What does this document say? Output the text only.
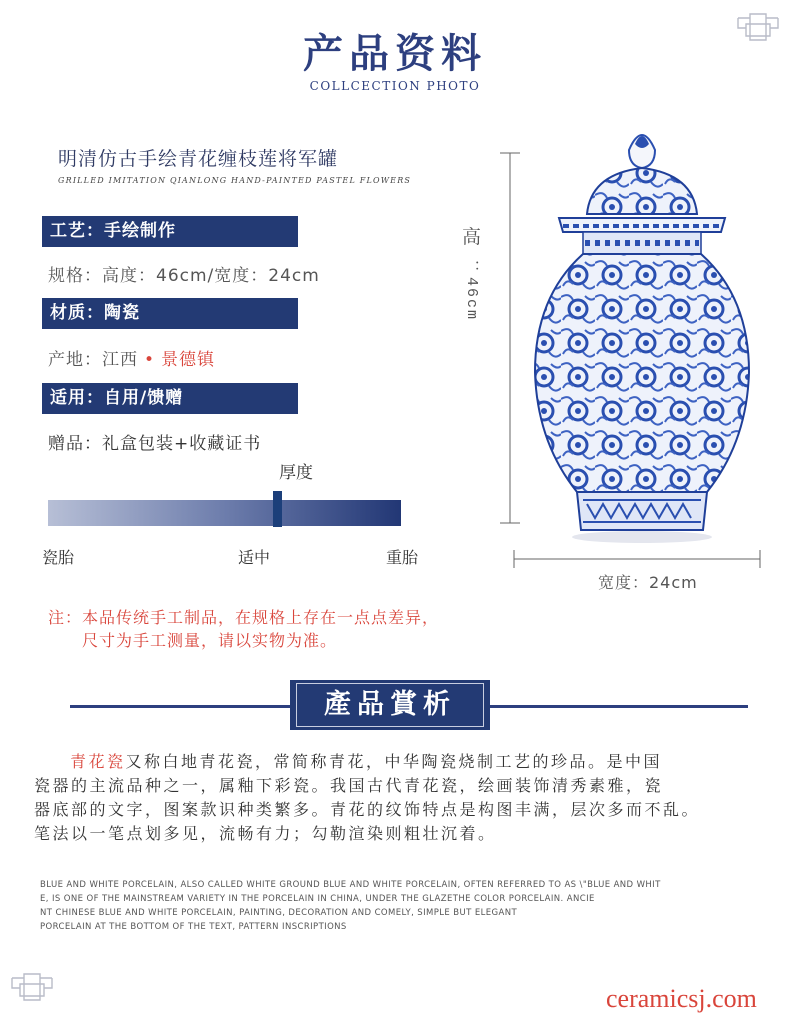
产品资料
COLLCECTION PHOTO
明清仿古手绘青花缠枝莲将军罐
GRILLED IMITATION QIANLONG HAND-PAINTED PASTEL FLOWERS
工艺：手绘制作
规格：高度：46cm/宽度：24cm
材质：陶瓷
产地：江西 • 景德镇
适用：自用/馈赠
赠品：礼盒包装+收藏证书
厚度
瓷胎	适中	重胎
高
：46cm
宽度：24cm
注：本品传统手工制品，在规格上存在一点点差异，
尺寸为手工测量，请以实物为准。
產品賞析
青花瓷又称白地青花瓷，常简称青花，中华陶瓷烧制工艺的珍品。是中国
瓷器的主流品种之一，属釉下彩瓷。我国古代青花瓷，绘画装饰清秀素雅，瓷
器底部的文字，图案款识种类繁多。青花的纹饰特点是构图丰满，层次多而不乱。
笔法以一笔点划多见，流畅有力；勾勒渲染则粗壮沉着。
BLUE AND WHITE PORCELAIN, ALSO CALLED WHITE GROUND BLUE AND WHITE PORCELAIN, OFTEN REFERRED TO AS \"BLUE AND WHIT
E, IS ONE OF THE MAINSTREAM VARIETY IN THE PORCELAIN IN CHINA, UNDER THE GLAZETHE COLOR PORCELAIN. ANCIE
NT CHINESE BLUE AND WHITE PORCELAIN, PAINTING, DECORATION AND COMELY, SIMPLE BUT ELEGANT
PORCELAIN AT THE BOTTOM OF THE TEXT, PATTERN INSCRIPTIONS
ceramicsj.com
